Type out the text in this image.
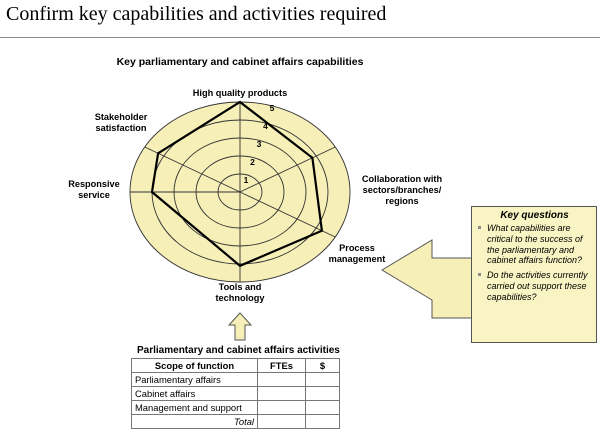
Confirm key capabilities and activities required
Key parliamentary and cabinet affairs capabilities
1
2
3
4
5
High quality products
Collaboration with
sectors/branches/
regions
Process
management
Tools and
technology
Responsive
service
Stakeholder
satisfaction
Key questions
What capabilities are critical to the success of the parliamentary and cabinet affairs function?
Do the activities currently carried out support these capabilities?
Parliamentary and cabinet affairs activities
Scope of function	FTEs	$
Parliamentary affairs		
Cabinet affairs		
Management and support		
Total		
